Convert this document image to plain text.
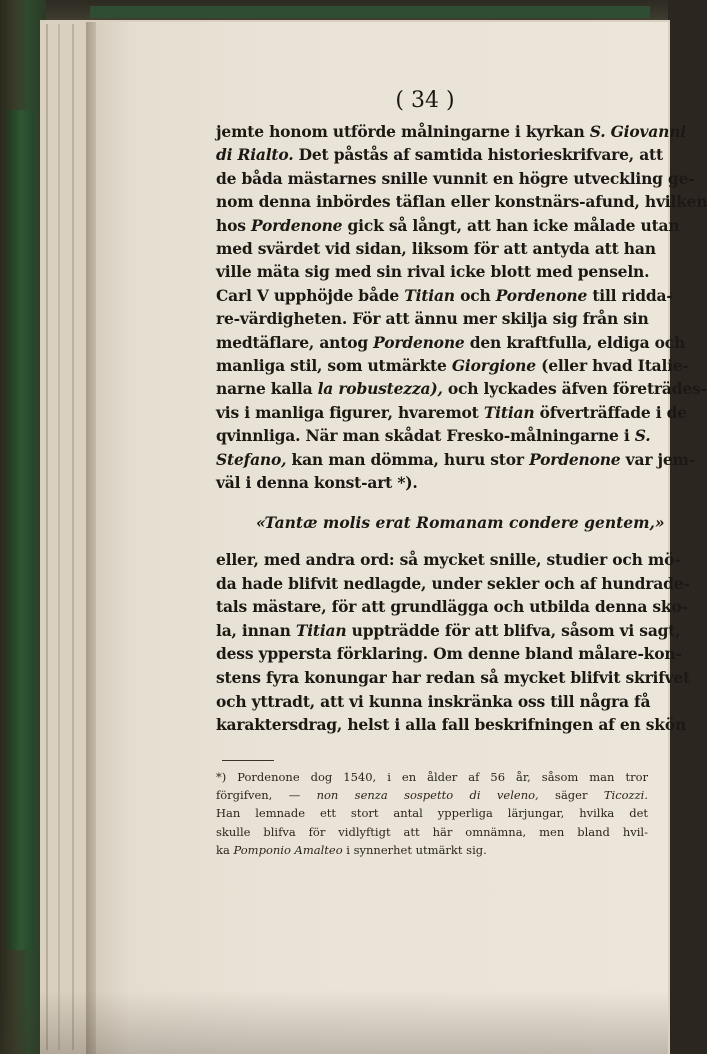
( 34 )
jemte honom utförde målningarne i kyrkan S. Giovanni
di Rialto. Det påstås af samtida historieskrifvare, att
de båda mästarnes snille vunnit en högre utveckling ge-
nom denna inbördes täflan eller konstnärs-afund, hvilken
hos Pordenone gick så långt, att han icke målade utan
med svärdet vid sidan, liksom för att antyda att han
ville mäta sig med sin rival icke blott med penseln.
Carl V upphöjde både Titian och Pordenone till ridda-
re-värdigheten. För att ännu mer skilja sig från sin
medtäflare, antog Pordenone den kraftfulla, eldiga och
manliga stil, som utmärkte Giorgione (eller hvad Italie-
narne kalla la robustezza), och lyckades äfven företrädes-
vis i manliga figurer, hvaremot Titian öfverträffade i de
qvinnliga. När man skådat Fresko-målningarne i S.
Stefano, kan man dömma, huru stor Pordenone var jem-
väl i denna konst-art *).
«Tantæ molis erat Romanam condere gentem,»
eller, med andra ord: så mycket snille, studier och mö-
da hade blifvit nedlagde, under sekler och af hundrade-
tals mästare, för att grundlägga och utbilda denna sko-
la, innan Titian uppträdde för att blifva, såsom vi sagt,
dess yppersta förklaring. Om denne bland målare-kon-
stens fyra konungar har redan så mycket blifvit skrifvet
och yttradt, att vi kunna inskränka oss till några få
karaktersdrag, helst i alla fall beskrifningen af en skön
*) Pordenone dog 1540, i en ålder af 56 år, såsom man tror
förgifven, — non senza sospetto di veleno, säger Ticozzi.
Han lemnade ett stort antal ypperliga lärjungar, hvilka det
skulle blifva för vidlyftigt att här omnämna, men bland hvil-
ka Pomponio Amalteo i synnerhet utmärkt sig.
